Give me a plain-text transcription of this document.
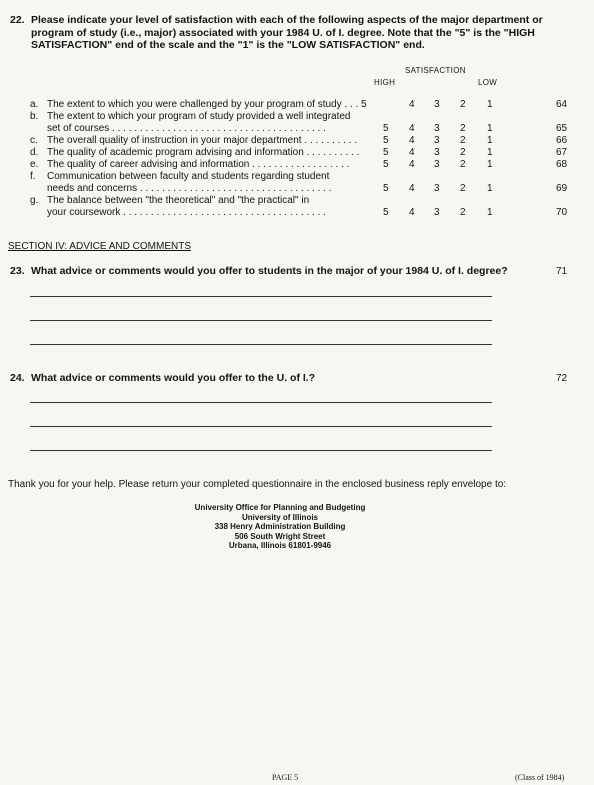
22. Please indicate your level of satisfaction with each of the following aspects of the major department or program of study (i.e., major) associated with your 1984 U. of I. degree. Note that the "5" is the "HIGH SATISFACTION" end of the scale and the "1" is the "LOW SATISFACTION" end.
SATISFACTION
HIGH	LOW
a. The extent to which you were challenged by your program of study . . . 5	4 3 2 1	64
b. The extent to which your program of study provided a well integrated
set of courses . . . . . . . . . . . . . . . . . . . . . . . . . . . . . . . . . . . . . . .	5 4 3 2 1	65
c. The overall quality of instruction in your major department . . . . . . . . . .	5 4 3 2 1	66
d. The quality of academic program advising and information . . . . . . . . . . 5 4 3 2 1	67
e. The quality of career advising and information . . . . . . . . . . . . . . . . . .	5 4 3 2 1	68
f. Communication between faculty and students regarding student
needs and concerns . . . . . . . . . . . . . . . . . . . . . . . . . . . . . . . . . . .	5 4 3 2 1	69
g. The balance between "the theoretical" and "the practical" in
your coursework . . . . . . . . . . . . . . . . . . . . . . . . . . . . . . . . . . . . .	5 4 3 2 1	70
SECTION IV: ADVICE AND COMMENTS
23. What advice or comments would you offer to students in the major of your 1984 U. of I. degree?	71
24. What advice or comments would you offer to the U. of I.?	72
Thank you for your help. Please return your completed questionnaire in the enclosed business reply envelope to:
University Office for Planning and Budgeting
University of Illinois
338 Henry Administration Building
506 South Wright Street
Urbana, Illinois 61801-9946
PAGE 5	(Class of 1984)
